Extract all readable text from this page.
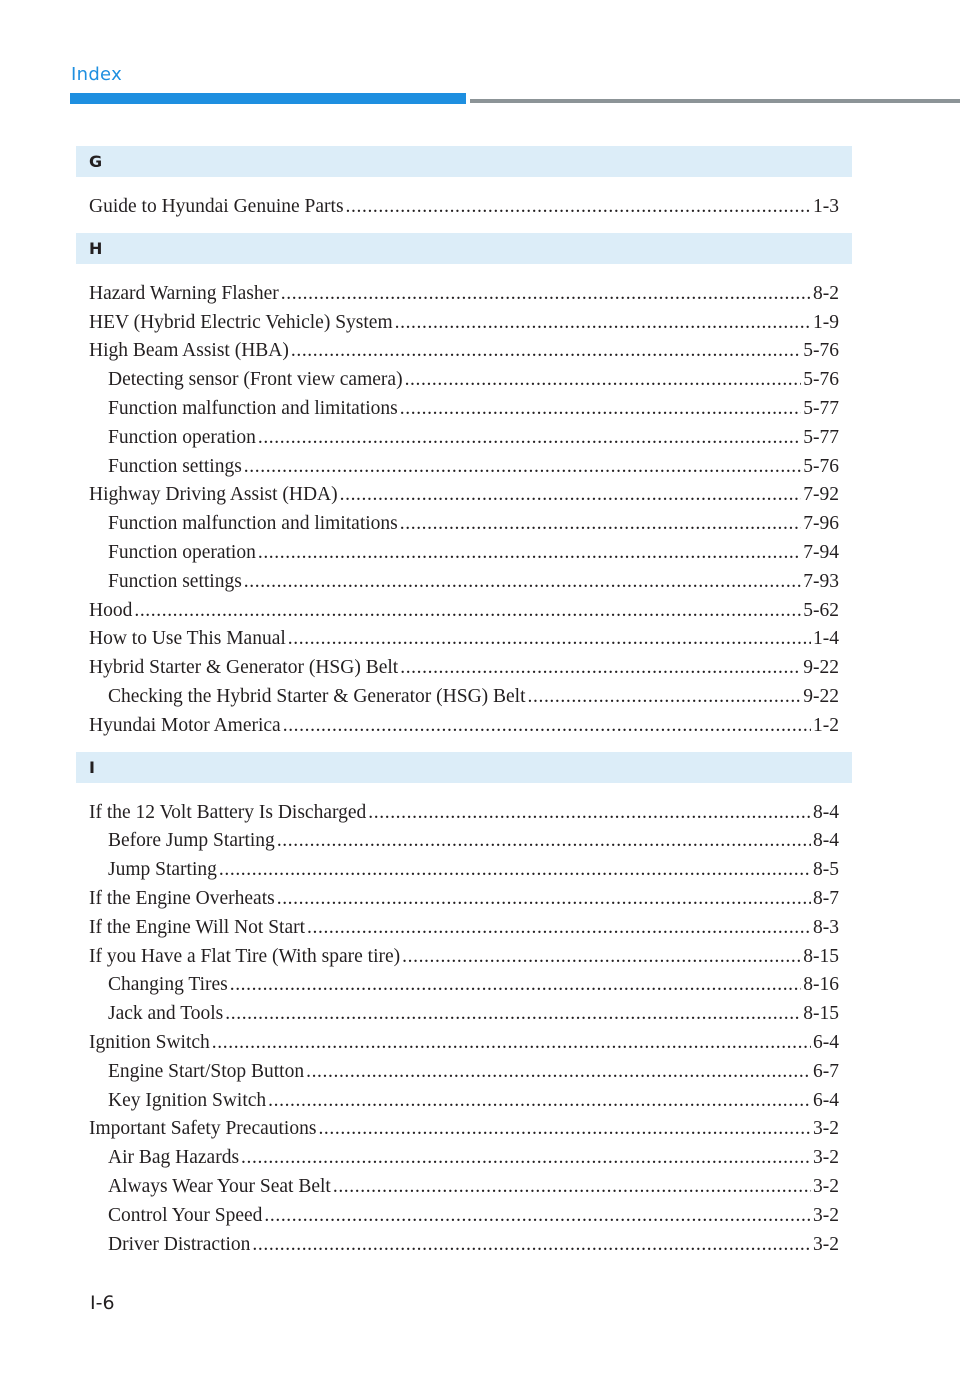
Index
G
Guide to Hyundai Genuine Parts .....	1-3
H
Hazard Warning Flasher .....	8-2
HEV (Hybrid Electric Vehicle) System .....	1-9
High Beam Assist (HBA) .....	5-76
Detecting sensor (Front view camera) .....	5-76
Function malfunction and limitations .....	5-77
Function operation .....	5-77
Function settings .....	5-76
Highway Driving Assist (HDA) .....	7-92
Function malfunction and limitations .....	7-96
Function operation .....	7-94
Function settings .....	7-93
Hood .....	5-62
How to Use This Manual .....	1-4
Hybrid Starter & Generator (HSG) Belt .....	9-22
Checking the Hybrid Starter & Generator (HSG) Belt .....	9-22
Hyundai Motor America .....	1-2
I
If the 12 Volt Battery Is Discharged .....	8-4
Before Jump Starting .....	8-4
Jump Starting .....	8-5
If the Engine Overheats .....	8-7
If the Engine Will Not Start .....	8-3
If you Have a Flat Tire (With spare tire) .....	8-15
Changing Tires .....	8-16
Jack and Tools .....	8-15
Ignition Switch .....	6-4
Engine Start/Stop Button .....	6-7
Key Ignition Switch .....	6-4
Important Safety Precautions .....	3-2
Air Bag Hazards .....	3-2
Always Wear Your Seat Belt .....	3-2
Control Your Speed .....	3-2
Driver Distraction .....	3-2
I-6
